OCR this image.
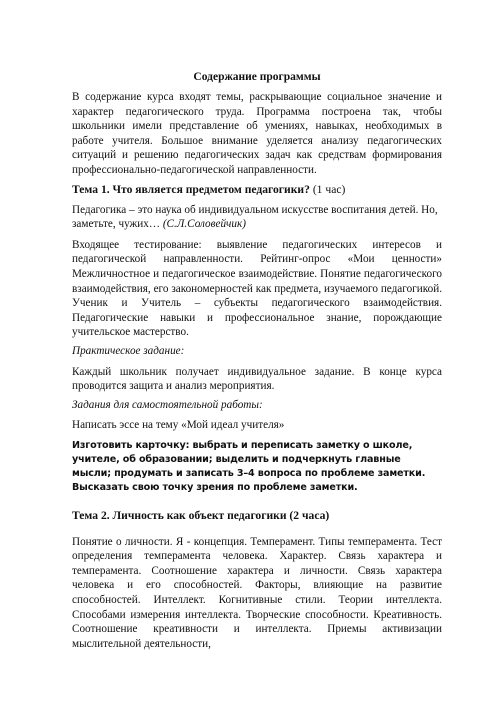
Содержание программы

В содержание курса входят темы, раскрывающие социальное значение и характер педагогического труда. Программа построена так, чтобы школьники имели представление об умениях, навыках, необходимых в работе учителя. Большое внимание уделяется анализу педагогических ситуаций и решению педагогических задач как средствам формирования профессионально-педагогической направленности.

Тема 1. Что является предметом педагогики? (1 час)

Педагогика – это наука об индивидуальном искусстве воспитания детей. Но, заметьте, чужих… (С.Л.Соловейчик)

Входящее тестирование: выявление педагогических интересов и педагогической направленности. Рейтинг-опрос «Мои ценности» Межличностное и педагогическое взаимодействие. Понятие педагогического взаимодействия, его закономерностей как предмета, изучаемого педагогикой. Ученик и Учитель – субъекты педагогического взаимодействия. Педагогические навыки и профессиональное знание, порождающие учительское мастерство.

Практическое задание:

Каждый школьник получает индивидуальное задание. В конце курса проводится защита и анализ мероприятия.

Задания для самостоятельной работы:

Написать эссе на тему «Мой идеал учителя»

Изготовить карточку: выбрать и переписать заметку о школе, учителе, об образовании; выделить и подчеркнуть главные мысли; продумать и записать 3–4 вопроса по проблеме заметки. Высказать свою точку зрения по проблеме заметки.

Тема 2. Личность как объект педагогики (2 часа)

Понятие о личности. Я - концепция. Темперамент. Типы темперамента. Тест определения темперамента человека. Характер. Связь характера и темперамента. Соотношение характера и личности. Связь характера человека и его способностей. Факторы, влияющие на развитие способностей. Интеллект. Когнитивные стили. Теории интеллекта. Способами измерения интеллекта. Творческие способности. Креативность. Соотношение креативности и интеллекта. Приемы активизации мыслительной деятельности,
